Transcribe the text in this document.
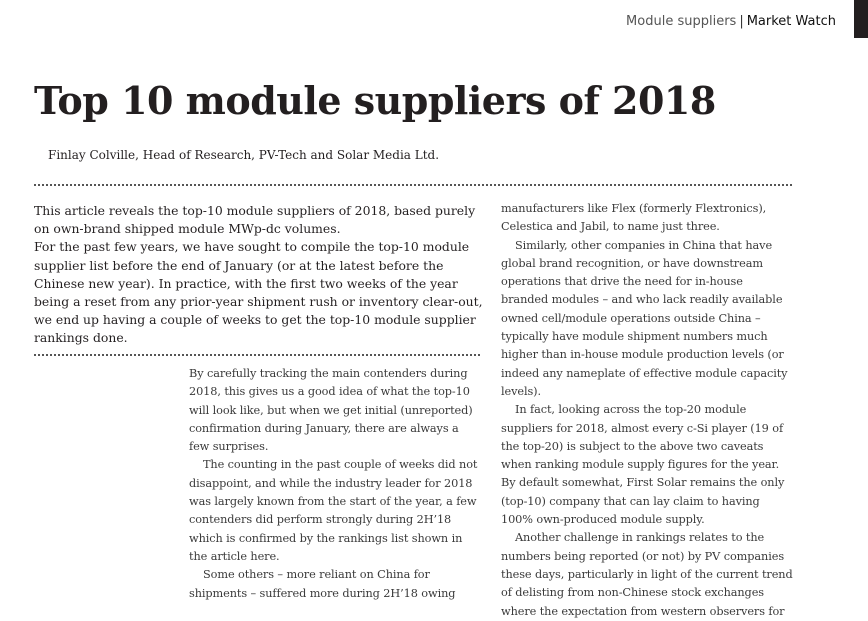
Module suppliers | Market Watch
Top 10 module suppliers of 2018
Finlay Colville, Head of Research, PV-Tech and Solar Media Ltd.

This article reveals the top-10 module suppliers of 2018, based purely on own-brand shipped module MWp-dc volumes.

For the past few years, we have sought to compile the top-10 module supplier list before the end of January (or at the latest before the Chinese new year). In practice, with the first two weeks of the year being a reset from any prior-year shipment rush or inventory clear-out, we end up having a couple of weeks to get the top-10 module supplier rankings done.

By carefully tracking the main contenders during 2018, this gives us a good idea of what the top-10 will look like, but when we get initial (unreported) confirmation during January, there are always a few surprises.

The counting in the past couple of weeks did not disappoint, and while the industry leader for 2018 was largely known from the start of the year, a few contenders did perform strongly during 2H’18 which is confirmed by the rankings list shown in the article here.

Some others – more reliant on China for shipments – suffered more during 2H’18 owing

manufacturers like Flex (formerly Flextronics), Celestica and Jabil, to name just three.

Similarly, other companies in China that have global brand recognition, or have downstream operations that drive the need for in-house branded modules – and who lack readily available owned cell/module operations outside China – typically have module shipment numbers much higher than in-house module production levels (or indeed any nameplate of effective module capacity levels).

In fact, looking across the top-20 module suppliers for 2018, almost every c-Si player (19 of the top-20) is subject to the above two caveats when ranking module supply figures for the year. By default somewhat, First Solar remains the only (top-10) company that can lay claim to having 100% own-produced module supply.

Another challenge in rankings relates to the numbers being reported (or not) by PV companies these days, particularly in light of the current trend of delisting from non-Chinese stock exchanges where the expectation from western observers for
